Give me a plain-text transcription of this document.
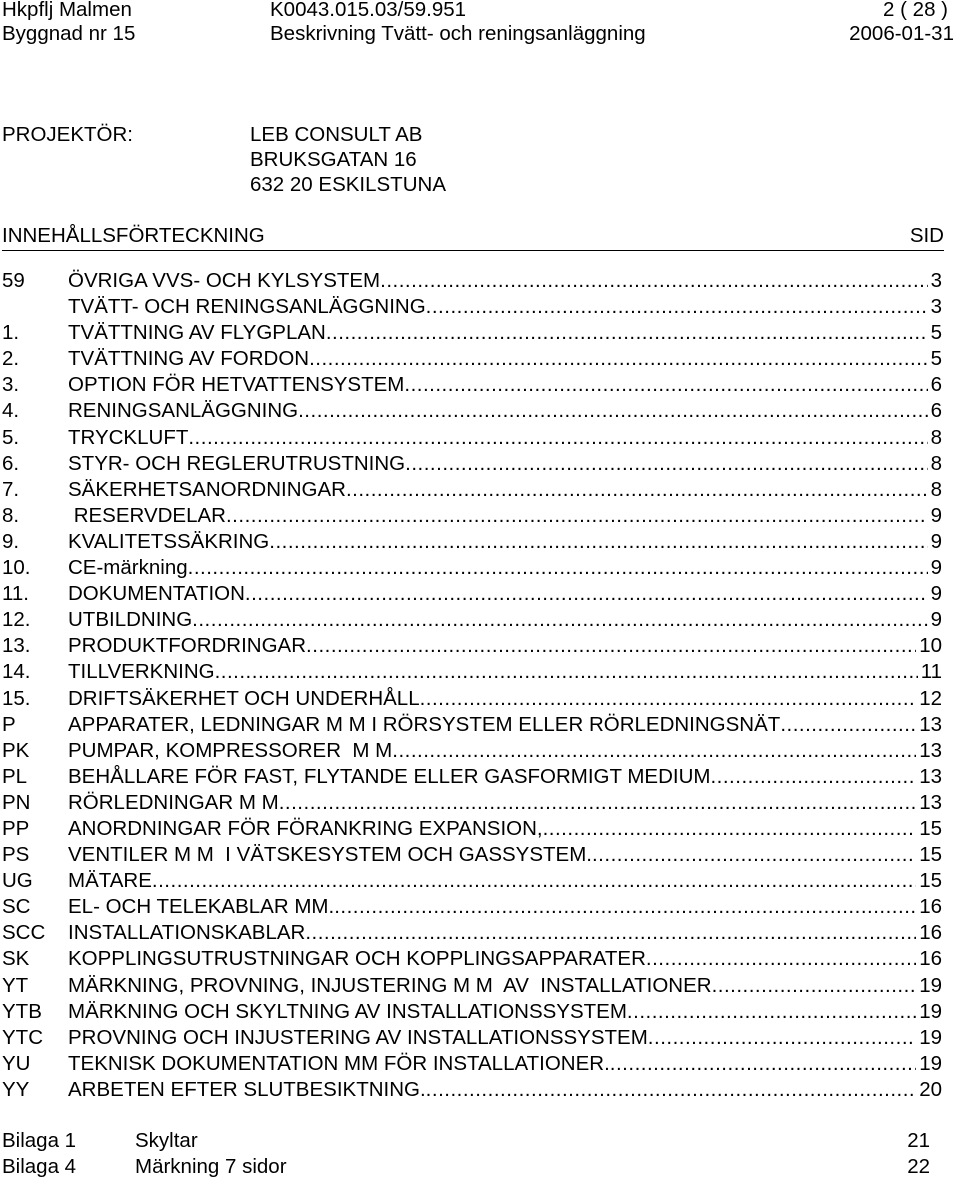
Hkpflj Malmen	K0043.015.03/59.951	2 ( 28 )
Byggnad nr 15	Beskrivning Tvätt- och reningsanläggning	2006-01-31
PROJEKTÖR:	LEB CONSULT AB
BRUKSGATAN 16
632 20 ESKILSTUNA
INNEHÅLLSFÖRTECKNING	SID
59 ÖVRIGA VVS- OCH KYLSYSTEM .....	3
TVÄTT- OCH RENINGSANLÄGGNING .....	3
1. TVÄTTNING AV FLYGPLAN .....	5
2. TVÄTTNING AV FORDON .....	5
3. OPTION FÖR HETVATTENSYSTEM .....	6
4. RENINGSANLÄGGNING .....	6
5. TRYCKLUFT .....	8
6. STYR- OCH REGLERUTRUSTNING .....	8
7. SÄKERHETSANORDNINGAR .....	8
8. RESERVDELAR .....	9
9. KVALITETSSÄKRING .....	9
10. CE-märkning .....	9
11. DOKUMENTATION .....	9
12. UTBILDNING .....	9
13. PRODUKTFORDRINGAR .....	10
14. TILLVERKNING .....	11
15. DRIFTSÄKERHET OCH UNDERHÅLL .....	12
P	APPARATER, LEDNINGAR M M I RÖRSYSTEM ELLER RÖRLEDNINGSNÄT .....	13
PK PUMPAR, KOMPRESSORER  M M .....	13
PL BEHÅLLARE FÖR FAST, FLYTANDE ELLER GASFORMIGT MEDIUM .....	13
PN RÖRLEDNINGAR M M .....	13
PP ANORDNINGAR FÖR FÖRANKRING EXPANSION, .....	15
PS VENTILER M M  I VÄTSKESYSTEM OCH GASSYSTEM. .....	15
UG MÄTARE .....	15
SC EL- OCH TELEKABLAR MM. .....	16
SCC INSTALLATIONSKABLAR .....	16
SK KOPPLINGSUTRUSTNINGAR OCH KOPPLINGSAPPARATER .....	16
YT MÄRKNING, PROVNING, INJUSTERING M M  AV  INSTALLATIONER .....	19
YTB MÄRKNING OCH SKYLTNING AV INSTALLATIONSSYSTEM .....	19
YTC PROVNING OCH INJUSTERING AV INSTALLATIONSSYSTEM .....	19
YU TEKNISK DOKUMENTATION MM FÖR INSTALLATIONER. .....	19
YY ARBETEN EFTER SLUTBESIKTNING. .....	20
Bilaga 1	Skyltar	21
Bilaga 4	Märkning 7 sidor	22
